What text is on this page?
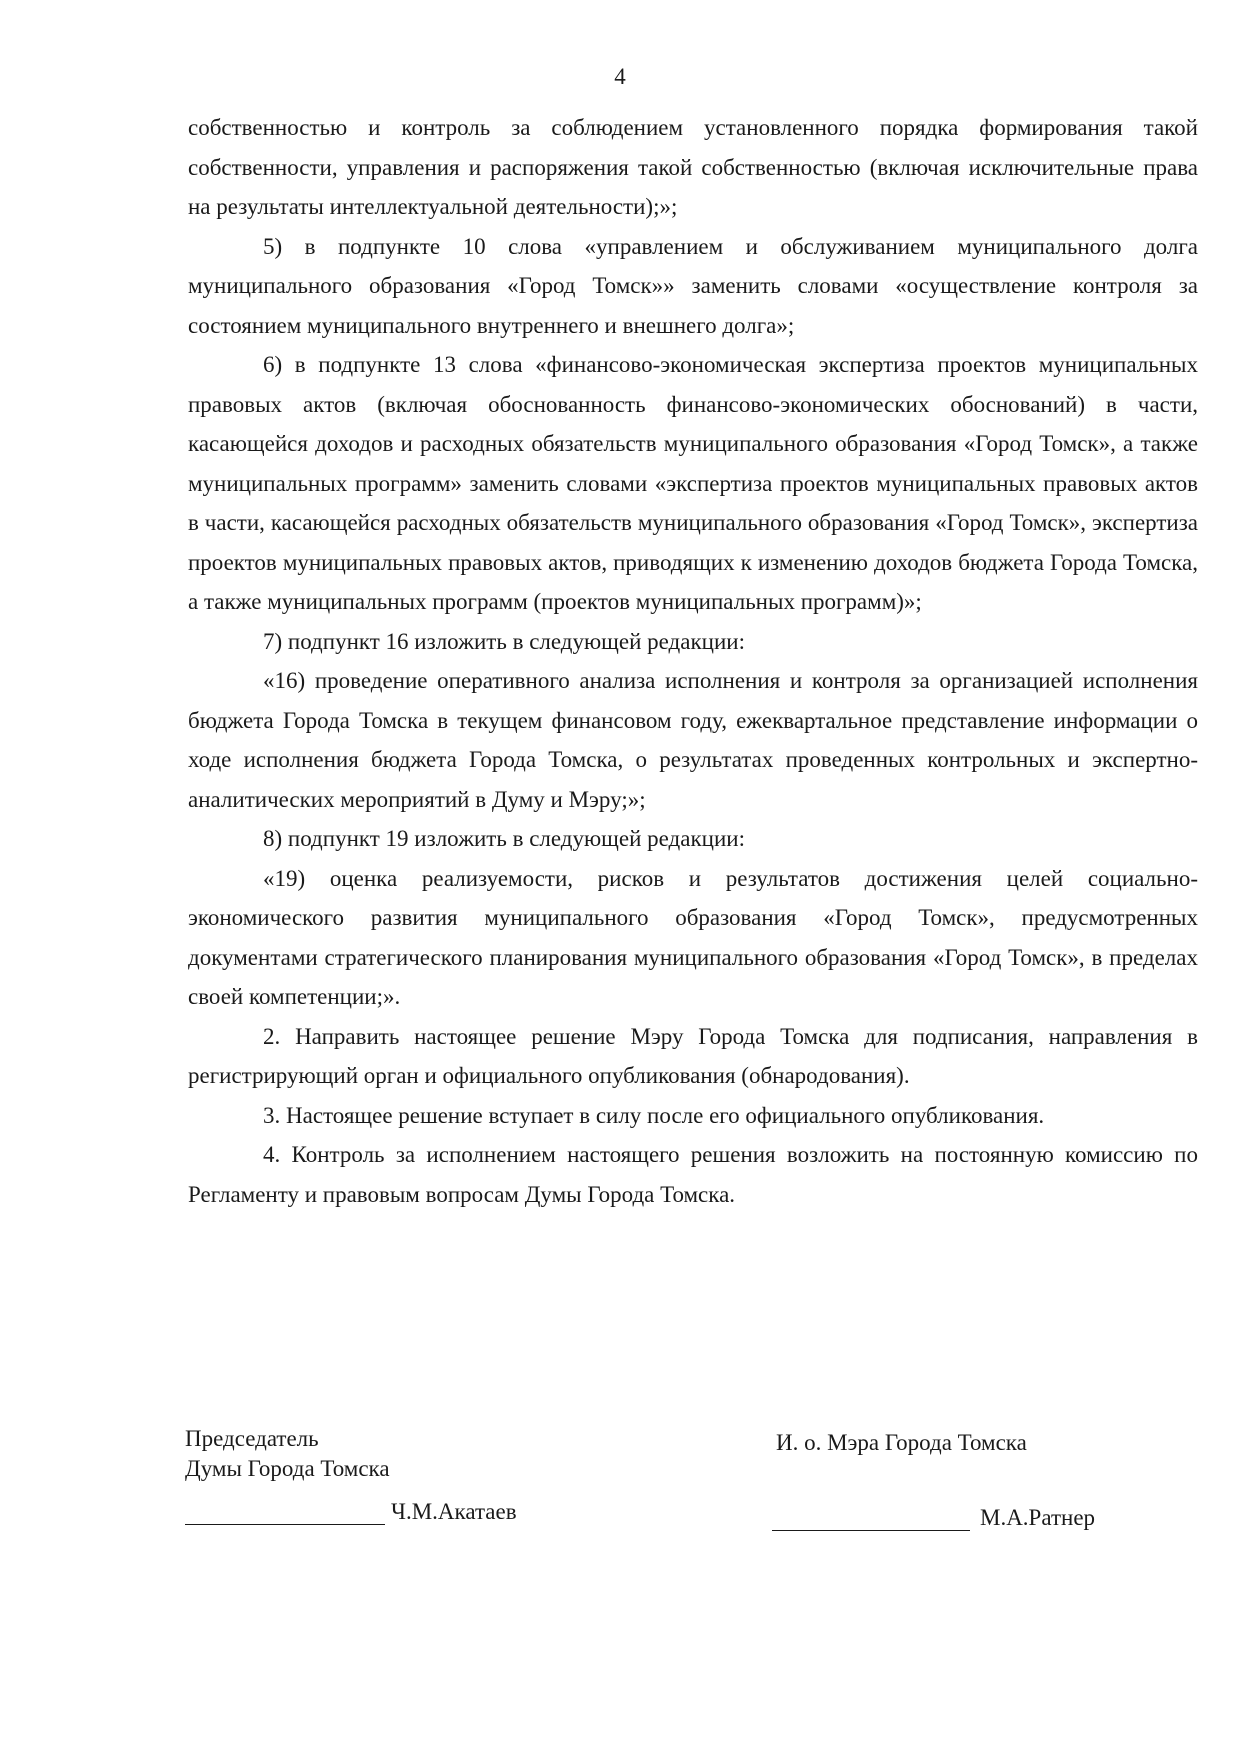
4

собственностью и контроль за соблюдением установленного порядка формирования такой собственности, управления и распоряжения такой собственностью (включая исключительные права на результаты интеллектуальной деятельности);»;

5) в подпункте 10 слова «управлением и обслуживанием муниципального долга муниципального образования «Город Томск»» заменить словами «осуществление контроля за состоянием муниципального внутреннего и внешнего долга»;

6) в подпункте 13 слова «финансово-экономическая экспертиза проектов муниципальных правовых актов (включая обоснованность финансово-экономических обоснований) в части, касающейся доходов и расходных обязательств муниципального образования «Город Томск», а также муниципальных программ» заменить словами «экспертиза проектов муниципальных правовых актов в части, касающейся расходных обязательств муниципального образования «Город Томск», экспертиза проектов муниципальных правовых актов, приводящих к изменению доходов бюджета Города Томска, а также муниципальных программ (проектов муниципальных программ)»;

7) подпункт 16 изложить в следующей редакции:

«16) проведение оперативного анализа исполнения и контроля за организацией исполнения бюджета Города Томска в текущем финансовом году, ежеквартальное представление информации о ходе исполнения бюджета Города Томска, о результатах проведенных контрольных и экспертно-аналитических мероприятий в Думу и Мэру;»;

8) подпункт 19 изложить в следующей редакции:

«19) оценка реализуемости, рисков и результатов достижения целей социально-экономического развития муниципального образования «Город Томск», предусмотренных документами стратегического планирования муниципального образования «Город Томск», в пределах своей компетенции;».

2. Направить настоящее решение Мэру Города Томска для подписания, направления в регистрирующий орган и официального опубликования (обнародования).

3. Настоящее решение вступает в силу после его официального опубликования.

4. Контроль за исполнением настоящего решения возложить на постоянную комиссию по Регламенту и правовым вопросам Думы Города Томска.

Председатель
Думы Города Томска
И. о. Мэра Города Томска
Ч.М.Акатаев	М.А.Ратнер
